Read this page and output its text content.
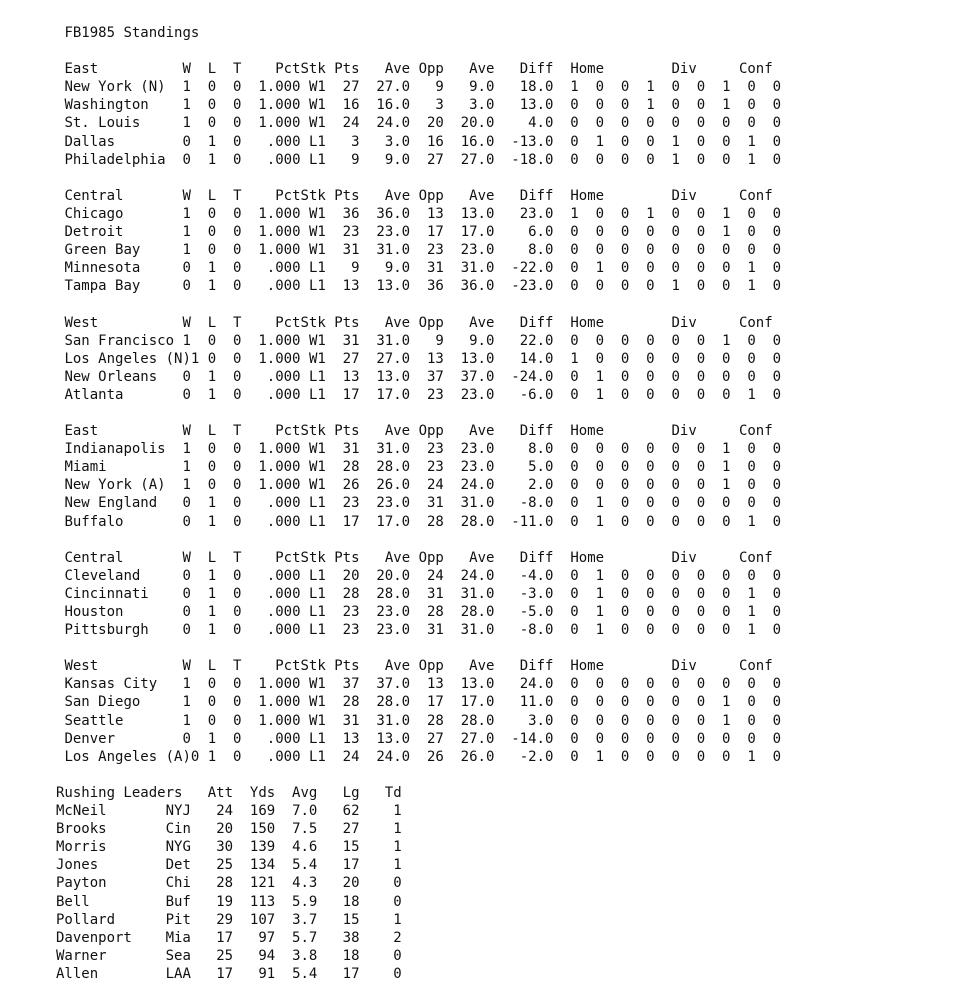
FB1985 Standings
East	W L T PctStk Pts Ave Opp Ave Diff Home	Div	Conf
New York (N) 1 0 0 1.000 W1 27 27.0 9 9.0 18.0 1 0 0 1 0 0 1 0 0
Washington 1 0 0 1.000 W1 16 16.0 3 3.0 13.0 0 0 0 1 0 0 1 0 0
St. Louis	1 0 0 1.000 W1 24 24.0 20 20.0 4.0 0 0 0 0 0 0 0 0 0
Dallas	0 1 0 .000 L1 3 3.0 16 16.0 -13.0 0 1 0 0 1 0 0 1 0
Philadelphia 0 1 0 .000 L1 9 9.0 27 27.0 -18.0 0 0 0 0 1 0 0 1 0
Central	W L T PctStk Pts Ave Opp Ave Diff Home	Div	Conf
Chicago	1 0 0 1.000 W1 36 36.0 13 13.0 23.0 1 0 0 1 0 0 1 0 0
Detroit	1 0 0 1.000 W1 23 23.0 17 17.0 6.0 0 0 0 0 0 0 1 0 0
Green Bay	1 0 0 1.000 W1 31 31.0 23 23.0 8.0 0 0 0 0 0 0 0 0 0
Minnesota	0 1 0 .000 L1 9 9.0 31 31.0 -22.0 0 1 0 0 0 0 0 1 0
Tampa Bay	0 1 0 .000 L1 13 13.0 36 36.0 -23.0 0 0 0 0 1 0 0 1 0
West	W L T PctStk Pts Ave Opp Ave Diff Home	Div	Conf
San Francisco 1 0 0 1.000 W1 31 31.0 9 9.0 22.0 0 0 0 0 0 0 1 0 0
Los Angeles (N)1 0 0 1.000 W1 27 27.0 13 13.0 14.0 1 0 0 0 0 0 0 0 0
New Orleans 0 1 0 .000 L1 13 13.0 37 37.0 -24.0 0 1 0 0 0 0 0 0 0
Atlanta	0 1 0 .000 L1 17 17.0 23 23.0 -6.0 0 1 0 0 0 0 0 1 0
East	W L T PctStk Pts Ave Opp Ave Diff Home	Div	Conf
Indianapolis 1 0 0 1.000 W1 31 31.0 23 23.0 8.0 0 0 0 0 0 0 1 0 0
Miami	1 0 0 1.000 W1 28 28.0 23 23.0 5.0 0 0 0 0 0 0 1 0 0
New York (A) 1 0 0 1.000 W1 26 26.0 24 24.0 2.0 0 0 0 0 0 0 1 0 0
New England 0 1 0 .000 L1 23 23.0 31 31.0 -8.0 0 1 0 0 0 0 0 0 0
Buffalo	0 1 0 .000 L1 17 17.0 28 28.0 -11.0 0 1 0 0 0 0 0 1 0
Central	W L T PctStk Pts Ave Opp Ave Diff Home	Div	Conf
Cleveland	0 1 0 .000 L1 20 20.0 24 24.0 -4.0 0 1 0 0 0 0 0 0 0
Cincinnati 0 1 0 .000 L1 28 28.0 31 31.0 -3.0 0 1 0 0 0 0 0 1 0
Houston	0 1 0 .000 L1 23 23.0 28 28.0 -5.0 0 1 0 0 0 0 0 1 0
Pittsburgh 0 1 0 .000 L1 23 23.0 31 31.0 -8.0 0 1 0 0 0 0 0 1 0
West	W L T PctStk Pts Ave Opp Ave Diff Home	Div	Conf
Kansas City 1 0 0 1.000 W1 37 37.0 13 13.0 24.0 0 0 0 0 0 0 0 0 0
San Diego	1 0 0 1.000 W1 28 28.0 17 17.0 11.0 0 0 0 0 0 0 1 0 0
Seattle	1 0 0 1.000 W1 31 31.0 28 28.0 3.0 0 0 0 0 0 0 1 0 0
Denver	0 1 0 .000 L1 13 13.0 27 27.0 -14.0 0 0 0 0 0 0 0 0 0
Los Angeles (A)0 1 0 .000 L1 24 24.0 26 26.0 -2.0 0 1 0 0 0 0 0 1 0
Rushing Leaders Att Yds Avg Lg Td
McNeil	NYJ 24 169 7.0 62 1
Brooks	Cin 20 150 7.5 27 1
Morris	NYG 30 139 4.6 15 1
Jones	Det 25 134 5.4 17 1
Payton	Chi 28 121 4.3 20 0
Bell	Buf 19 113 5.9 18 0
Pollard	Pit 29 107 3.7 15 1
Davenport Mia 17 97 5.7 38 2
Warner	Sea 25 94 3.8 18 0
Allen	LAA 17 91 5.4 17 0
